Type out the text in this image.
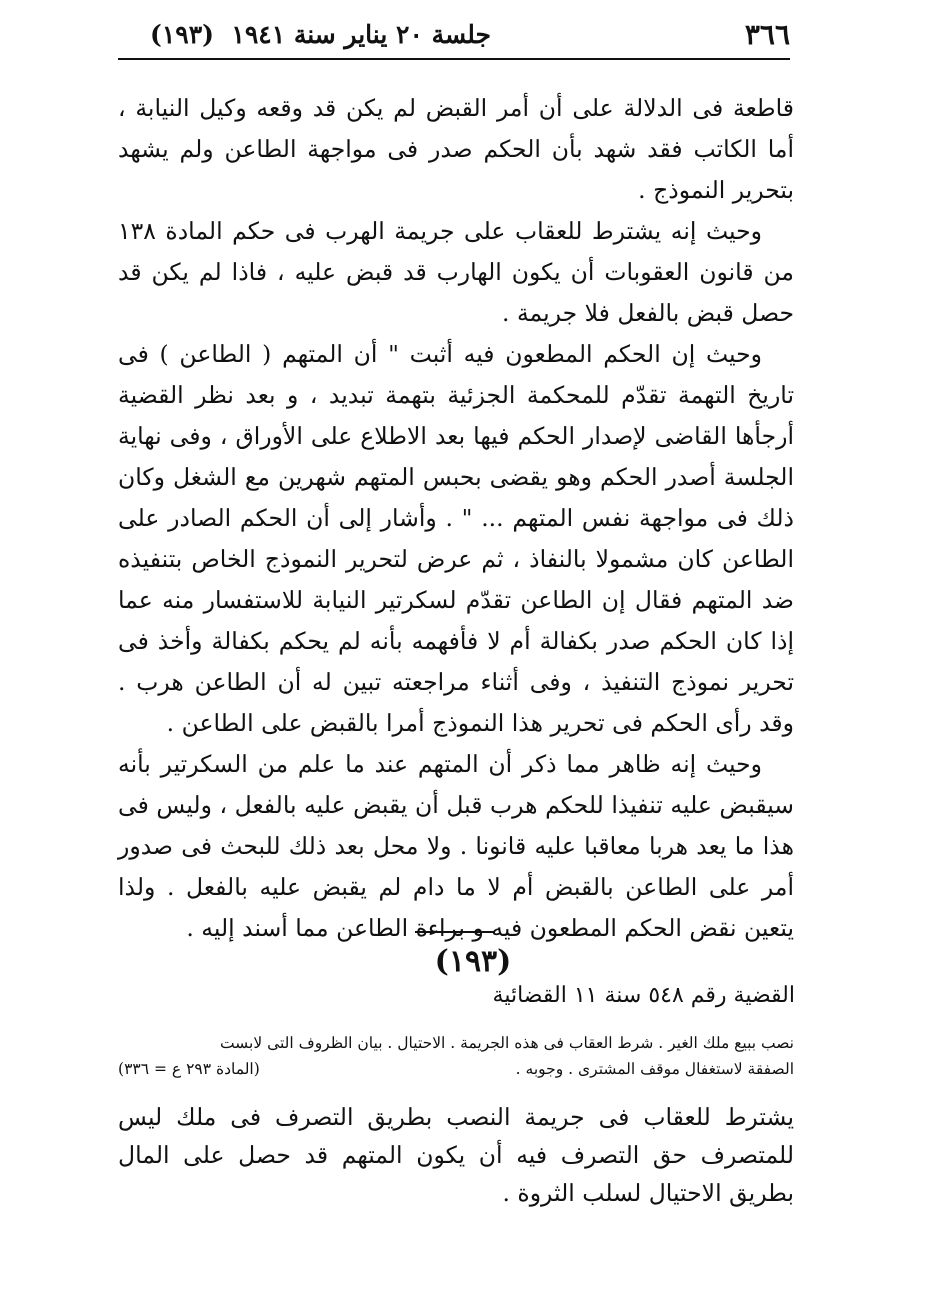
٣٦٦
جلسة ٢٠ يناير سنة ١٩٤١  (١٩٣)

قاطعة فى الدلالة على أن أمر القبض لم يكن قد وقعه وكيل النيابة ، أما الكاتب فقد شهد بأن الحكم صدر فى مواجهة الطاعن ولم يشهد بتحرير النموذج .

وحيث إنه يشترط للعقاب على جريمة الهرب فى حكم المادة ١٣٨ من قانون العقوبات أن يكون الهارب قد قبض عليه ، فاذا لم يكن قد حصل قبض بالفعل فلا جريمة .

وحيث إن الحكم المطعون فيه أثبت " أن المتهم ( الطاعن ) فى تاريخ التهمة تقدّم للمحكمة الجزئية بتهمة تبديد ، و بعد نظر القضية أرجأها القاضى لإصدار الحكم فيها بعد الاطلاع على الأوراق ، وفى نهاية الجلسة أصدر الحكم وهو يقضى بحبس المتهم شهرين مع الشغل وكان ذلك فى مواجهة نفس المتهم ... " . وأشار إلى أن الحكم الصادر على الطاعن كان مشمولا بالنفاذ ، ثم عرض لتحرير النموذج الخاص بتنفيذه ضد المتهم فقال إن الطاعن تقدّم لسكرتير النيابة للاستفسار منه عما إذا كان الحكم صدر بكفالة أم لا فأفهمه بأنه لم يحكم بكفالة وأخذ فى تحرير نموذج التنفيذ ، وفى أثناء مراجعته تبين له أن الطاعن هرب . وقد رأى الحكم فى تحرير هذا النموذج أمرا بالقبض على الطاعن .

وحيث إنه ظاهر مما ذكر أن المتهم عند ما علم من السكرتير بأنه سيقبض عليه تنفيذا للحكم هرب قبل أن يقبض عليه بالفعل ، وليس فى هذا ما يعد هربا معاقبا عليه قانونا . ولا محل بعد ذلك للبحث فى صدور أمر على الطاعن بالقبض أم لا ما دام لم يقبض عليه بالفعل . ولذا يتعين نقض الحكم المطعون فيه و براءة الطاعن مما أسند إليه .

(١٩٣)
القضية رقم ٥٤٨ سنة ١١ القضائية
نصب ببيع ملك الغير . شرط العقاب فى هذه الجريمة . الاحتيال . بيان الظروف التى لابست
الصفقة لاستغفال موقف المشترى . وجوبه .
(المادة ٢٩٣ ع = ٣٣٦)
يشترط للعقاب فى جريمة النصب بطريق التصرف فى ملك ليس للمتصرف حق التصرف فيه أن يكون المتهم قد حصل على المال بطريق الاحتيال لسلب الثروة .
